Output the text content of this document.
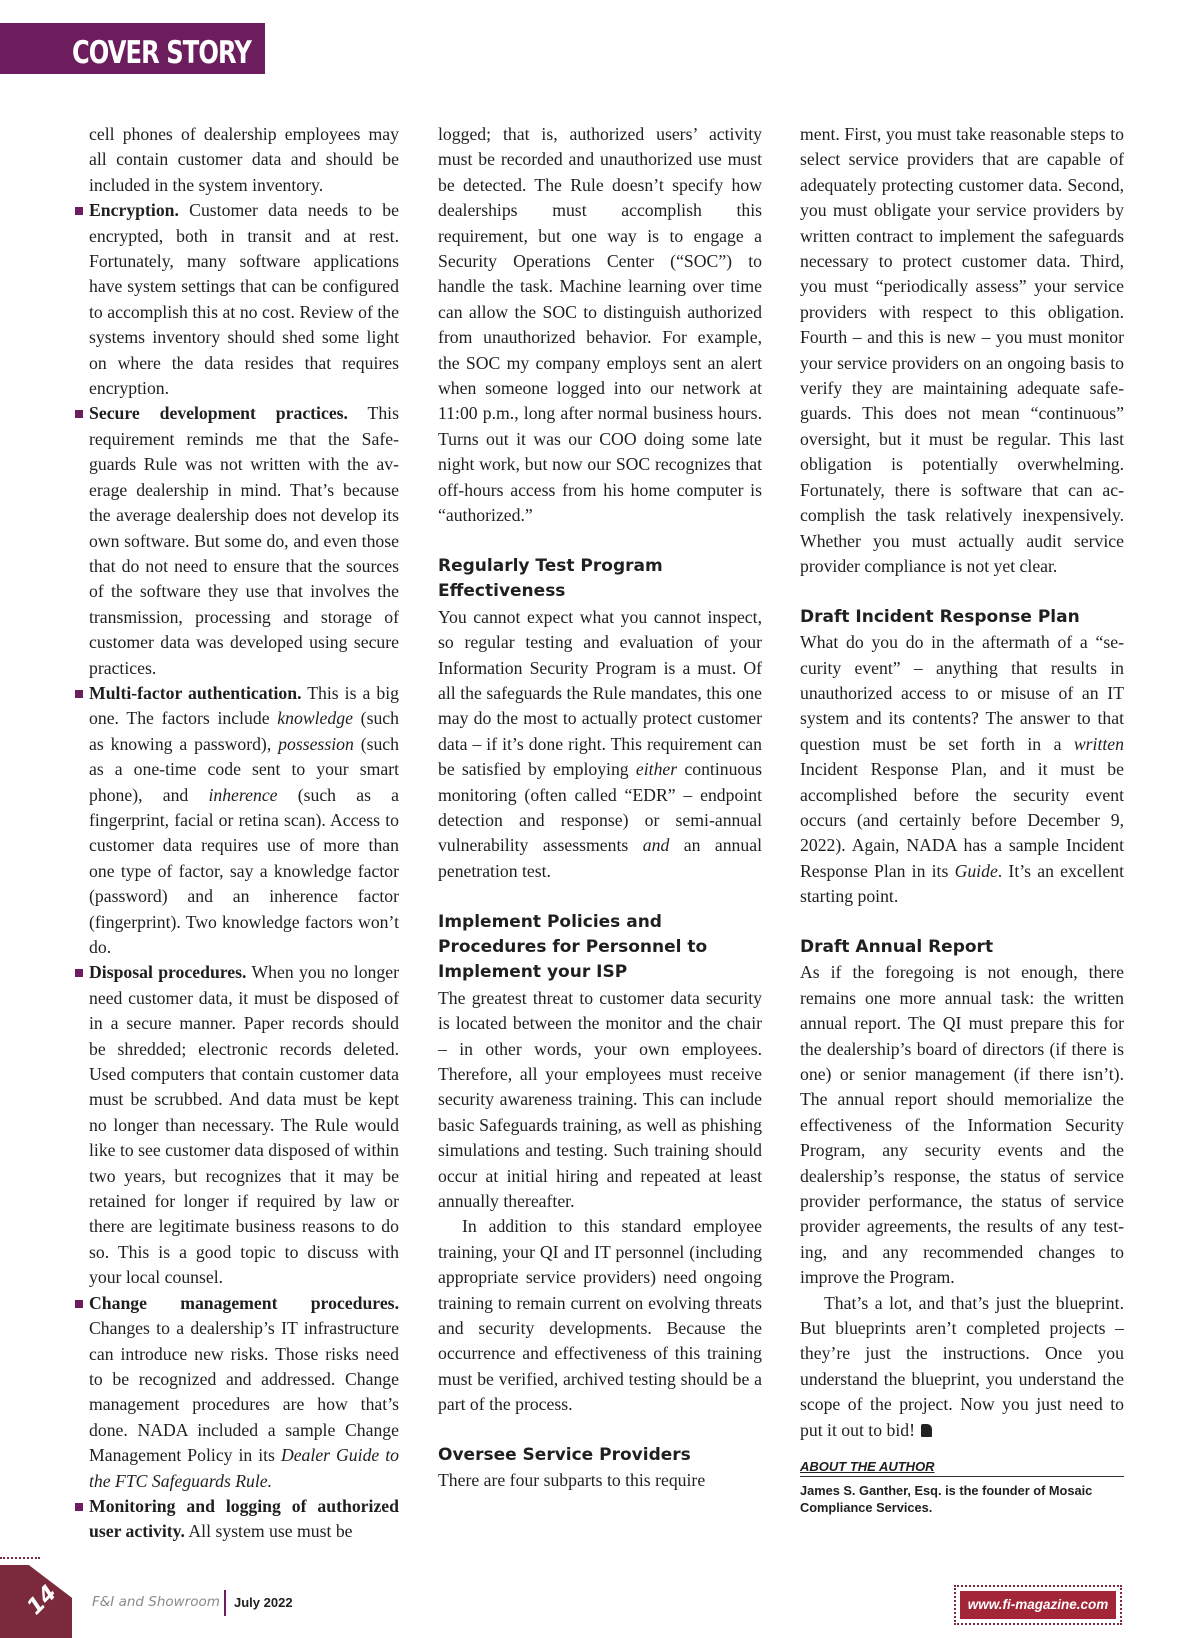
COVER STORY

cell phones of dealership employees may all contain customer data and should be included in the system inventory.

Encryption. Customer data needs to be encrypted, both in transit and at rest. Fortunately, many software applications have system settings that can be configured to accomplish this at no cost. Review of the systems inventory should shed some light on where the data resides that requires encryption.

Secure development practices. This requirement reminds me that the Safeguards Rule was not written with the average dealership in mind. That’s because the average dealership does not develop its own software. But some do, and even those that do not need to ensure that the sources of the software they use that involves the transmission, processing and storage of customer data was developed using secure practices.

Multi-factor authentication. This is a big one. The factors include knowledge (such as knowing a password), possession (such as a one-time code sent to your smart phone), and inherence (such as a fingerprint, facial or retina scan). Access to customer data requires use of more than one type of factor, say a knowledge factor (password) and an inherence factor (fingerprint). Two knowledge factors won’t do.

Disposal procedures. When you no longer need customer data, it must be disposed of in a secure manner. Paper records should be shredded; electronic records deleted. Used computers that contain customer data must be scrubbed. And data must be kept no longer than necessary. The Rule would like to see customer data disposed of within two years, but recognizes that it may be retained for longer if required by law or there are legitimate business reasons to do so. This is a good topic to discuss with your local counsel.

Change management procedures. Changes to a dealership’s IT infrastructure can introduce new risks. Those risks need to be recognized and addressed. Change management procedures are how that’s done. NADA included a sample Change Management Policy in its Dealer Guide to the FTC Safeguards Rule.

Monitoring and logging of authorized user activity. All system use must be

logged; that is, authorized users’ activity must be recorded and unauthorized use must be detected. The Rule doesn’t specify how dealerships must accomplish this requirement, but one way is to engage a Security Operations Center (“SOC”) to handle the task. Machine learning over time can allow the SOC to distinguish authorized from unauthorized behavior. For example, the SOC my company employs sent an alert when someone logged into our network at 11:00 p.m., long after normal business hours. Turns out it was our COO doing some late night work, but now our SOC recognizes that off-hours access from his home computer is “authorized.”

Regularly Test Program Effectiveness

You cannot expect what you cannot inspect, so regular testing and evaluation of your Information Security Program is a must. Of all the safeguards the Rule mandates, this one may do the most to actually protect customer data – if it’s done right. This requirement can be satisfied by employing either continuous monitoring (often called “EDR” – endpoint detection and response) or semi-annual vulnerability assessments and an annual penetration test.

Implement Policies and Procedures for Personnel to Implement your ISP

The greatest threat to customer data security is located between the monitor and the chair – in other words, your own employees. Therefore, all your employees must receive security awareness training. This can include basic Safeguards training, as well as phishing simulations and testing. Such training should occur at initial hiring and repeated at least annually thereafter.

In addition to this standard employee training, your QI and IT personnel (including appropriate service providers) need ongoing training to remain current on evolving threats and security developments. Because the occurrence and effectiveness of this training must be verified, archived testing should be a part of the process.

Oversee Service Providers

There are four subparts to this require

ment. First, you must take reasonable steps to select service providers that are capable of adequately protecting customer data. Second, you must obligate your service providers by written contract to implement the safeguards necessary to protect customer data. Third, you must “periodically assess” your service providers with respect to this obligation. Fourth – and this is new – you must monitor your service providers on an ongoing basis to verify they are maintaining adequate safeguards. This does not mean “continuous” oversight, but it must be regular. This last obligation is potentially overwhelming. Fortunately, there is software that can accomplish the task relatively inexpensively. Whether you must actually audit service provider compliance is not yet clear.

Draft Incident Response Plan

What do you do in the aftermath of a “security event” – anything that results in unauthorized access to or misuse of an IT system and its contents? The answer to that question must be set forth in a written Incident Response Plan, and it must be accomplished before the security event occurs (and certainly before December 9, 2022). Again, NADA has a sample Incident Response Plan in its Guide. It’s an excellent starting point.

Draft Annual Report

As if the foregoing is not enough, there remains one more annual task: the written annual report. The QI must prepare this for the dealership’s board of directors (if there is one) or senior management (if there isn’t). The annual report should memorialize the effectiveness of the Information Security Program, any security events and the dealership’s response, the status of service provider performance, the status of service provider agreements, the results of any testing, and any recommended changes to improve the Program.

That’s a lot, and that’s just the blueprint. But blueprints aren’t completed projects – they’re just the instructions. Once you understand the blueprint, you understand the scope of the project. Now you just need to put it out to bid!

ABOUT THE AUTHOR
James S. Ganther, Esq. is the founder of Mosaic Compliance Services.
14 F&I and Showroom July 2022	www.fi-magazine.com
